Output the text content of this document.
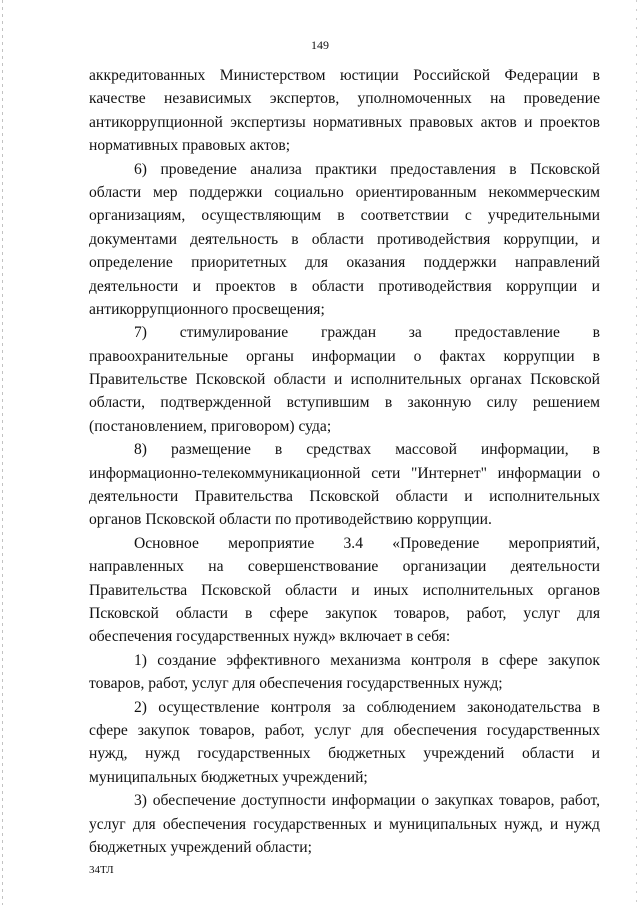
149
аккредитованных Министерством юстиции Российской Федерации в
качестве независимых экспертов, уполномоченных на проведение
антикоррупционной экспертизы нормативных правовых актов и проектов
нормативных правовых актов;
6) проведение анализа практики предоставления в Псковской
области мер поддержки социально ориентированным некоммерческим
организациям, осуществляющим в соответствии с учредительными
документами деятельность в области противодействия коррупции, и
определение приоритетных для оказания поддержки направлений
деятельности и проектов в области противодействия коррупции и
антикоррупционного просвещения;
7) стимулирование граждан за предоставление в
правоохранительные органы информации о фактах коррупции в
Правительстве Псковской области и исполнительных органах Псковской
области, подтвержденной вступившим в законную силу решением
(постановлением, приговором) суда;
8) размещение в средствах массовой информации, в
информационно-телекоммуникационной сети "Интернет" информации о
деятельности Правительства Псковской области и исполнительных
органов Псковской области по противодействию коррупции.
Основное мероприятие 3.4 «Проведение мероприятий,
направленных на совершенствование организации деятельности
Правительства Псковской области и иных исполнительных органов
Псковской области в сфере закупок товаров, работ, услуг для
обеспечения государственных нужд» включает в себя:
1) создание эффективного механизма контроля в сфере закупок
товаров, работ, услуг для обеспечения государственных нужд;
2) осуществление контроля за соблюдением законодательства в
сфере закупок товаров, работ, услуг для обеспечения государственных
нужд, нужд государственных бюджетных учреждений области и
муниципальных бюджетных учреждений;
3) обеспечение доступности информации о закупках товаров, работ,
услуг для обеспечения государственных и муниципальных нужд, и нужд
бюджетных учреждений области;
34ТЛ
